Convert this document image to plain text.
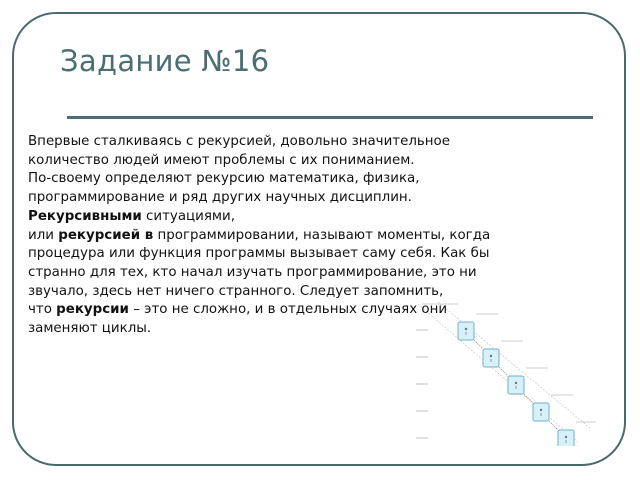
Задание №16
Впервые сталкиваясь с рекурсией, довольно значительное
количество людей имеют проблемы с их пониманием.
По-своему определяют рекурсию математика, физика,
программирование и ряд других научных дисциплин.
Рекурсивными ситуациями,
или рекурсией в программировании, называют моменты, когда
процедура или функция программы вызывает саму себя. Как бы
странно для тех, кто начал изучать программирование, это ни
звучало, здесь нет ничего странного. Следует запомнить,
что рекурсии – это не сложно, и в отдельных случаях они
заменяют циклы.
